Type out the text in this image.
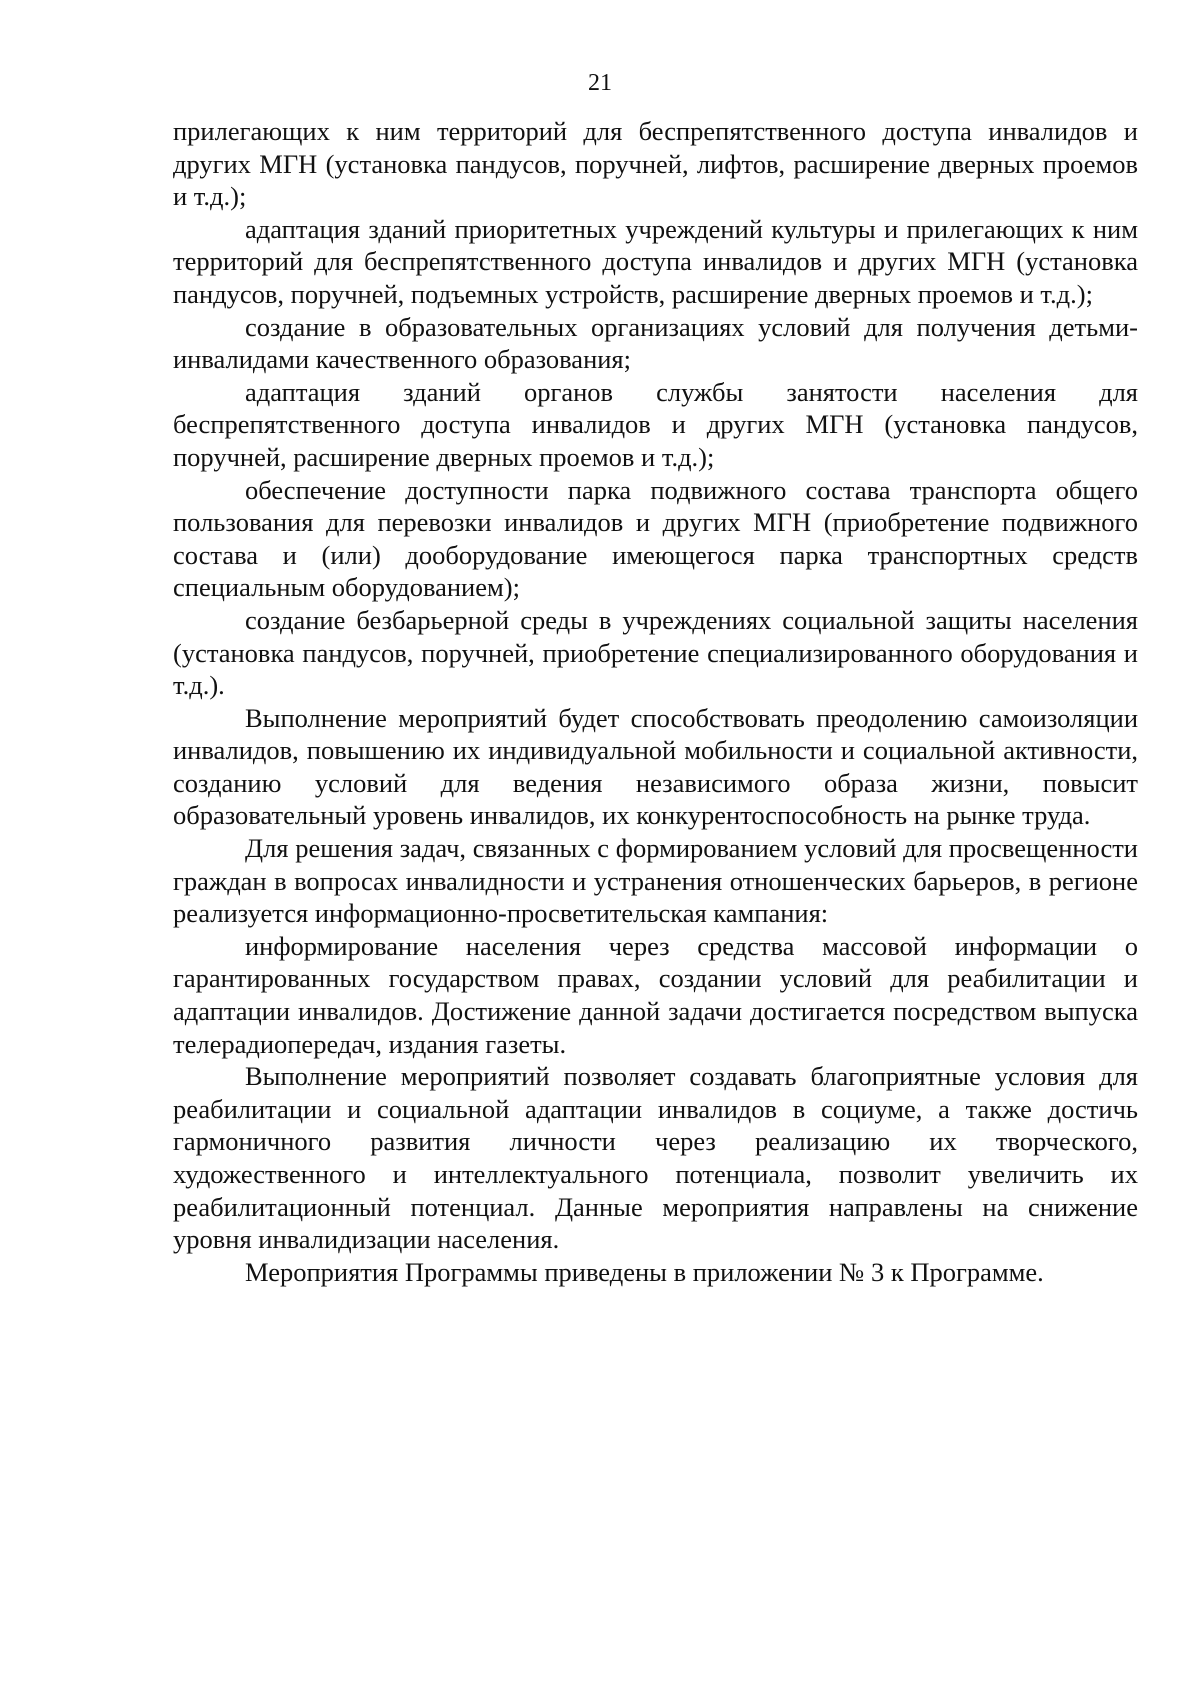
21

прилегающих к ним территорий для беспрепятственного доступа инвалидов и других МГН (установка пандусов, поручней, лифтов, расширение дверных проемов и т.д.);

адаптация зданий приоритетных учреждений культуры и прилегающих к ним территорий для беспрепятственного доступа инвалидов и других МГН (установка пандусов, поручней, подъемных устройств, расширение дверных проемов и т.д.);

создание в образовательных организациях условий для получения детьми-инвалидами качественного образования;

адаптация зданий органов службы занятости населения для беспрепятственного доступа инвалидов и других МГН (установка пандусов, поручней, расширение дверных проемов и т.д.);

обеспечение доступности парка подвижного состава транспорта общего пользования для перевозки инвалидов и других МГН (приобретение подвижного состава и (или) дооборудование имеющегося парка транспортных средств специальным оборудованием);

создание безбарьерной среды в учреждениях социальной защиты населения (установка пандусов, поручней, приобретение специализированного оборудования и т.д.).

Выполнение мероприятий будет способствовать преодолению самоизоляции инвалидов, повышению их индивидуальной мобильности и социальной активности, созданию условий для ведения независимого образа жизни, повысит образовательный уровень инвалидов, их конкурентоспособность на рынке труда.

Для решения задач, связанных с формированием условий для просвещенности граждан в вопросах инвалидности и устранения отношенческих барьеров, в регионе реализуется информационно-просветительская кампания:

информирование населения через средства массовой информации о гарантированных государством правах, создании условий для реабилитации и адаптации инвалидов. Достижение данной задачи достигается посредством выпуска телерадиопередач, издания газеты.

Выполнение мероприятий позволяет создавать благоприятные условия для реабилитации и социальной адаптации инвалидов в социуме, а также достичь гармоничного развития личности через реализацию их творческого, художественного и интеллектуального потенциала, позволит увеличить их реабилитационный потенциал. Данные мероприятия направлены на снижение уровня инвалидизации населения.

Мероприятия Программы приведены в приложении № 3 к Программе.
